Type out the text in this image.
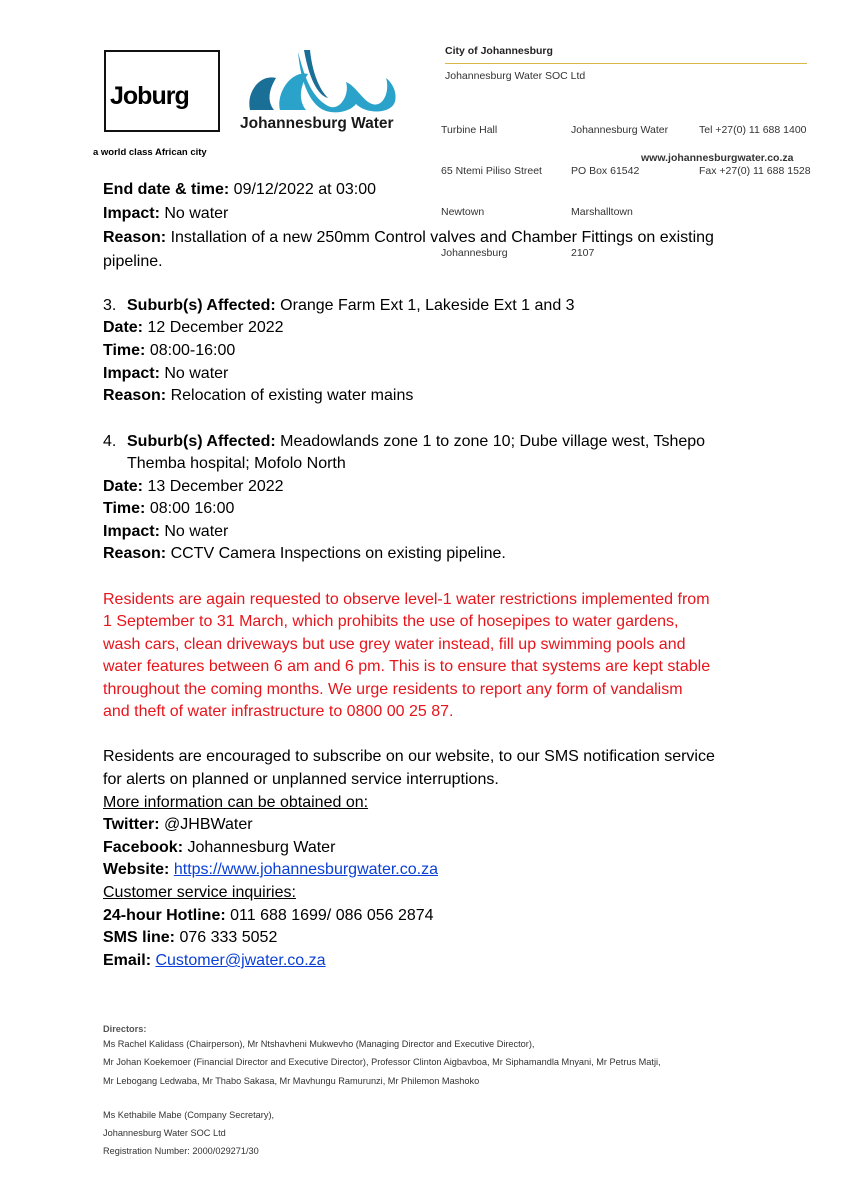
Joburg
a world class African city
Johannesburg Water
City of Johannesburg
Johannesburg Water SOC Ltd

Turbine Hall

65 Ntemi Piliso Street

Newtown

Johannesburg

Johannesburg Water

PO Box 61542

Marshalltown

2107

Tel +27(0) 11 688 1400

Fax +27(0) 11 688 1528

www.johannesburgwater.co.za
End date & time: 09/12/2022 at 03:00
Impact: No water
Reason: Installation of a new 250mm Control valves and Chamber Fittings on existing
pipeline.
3. Suburb(s) Affected: Orange Farm Ext 1, Lakeside Ext 1 and 3
Date: 12 December 2022
Time: 08:00-16:00
Impact: No water
Reason: Relocation of existing water mains
4. Suburb(s) Affected: Meadowlands zone 1 to zone 10; Dube village west, Tshepo
Themba hospital; Mofolo North
Date: 13 December 2022
Time: 08:00 16:00
Impact: No water
Reason: CCTV Camera Inspections on existing pipeline.
Residents are again requested to observe level-1 water restrictions implemented from
1 September to 31 March, which prohibits the use of hosepipes to water gardens,
wash cars, clean driveways but use grey water instead, fill up swimming pools and
water features between 6 am and 6 pm. This is to ensure that systems are kept stable
throughout the coming months. We urge residents to report any form of vandalism
and theft of water infrastructure to 0800 00 25 87.
Residents are encouraged to subscribe on our website, to our SMS notification service
for alerts on planned or unplanned service interruptions.
More information can be obtained on:
Twitter: @JHBWater
Facebook: Johannesburg Water
Website: https://www.johannesburgwater.co.za
Customer service inquiries:
24-hour Hotline: 011 688 1699/ 086 056 2874
SMS line: 076 333 5052
Email: Customer@jwater.co.za
Directors:
Ms Rachel Kalidass (Chairperson), Mr Ntshavheni Mukwevho (Managing Director and Executive Director),
Mr Johan Koekemoer (Financial Director and Executive Director), Professor Clinton Aigbavboa, Mr Siphamandla Mnyani, Mr Petrus Matji,
Mr Lebogang Ledwaba, Mr Thabo Sakasa, Mr Mavhungu Ramurunzi, Mr Philemon Mashoko
Ms Kethabile Mabe (Company Secretary),
Johannesburg Water SOC Ltd
Registration Number: 2000/029271/30
